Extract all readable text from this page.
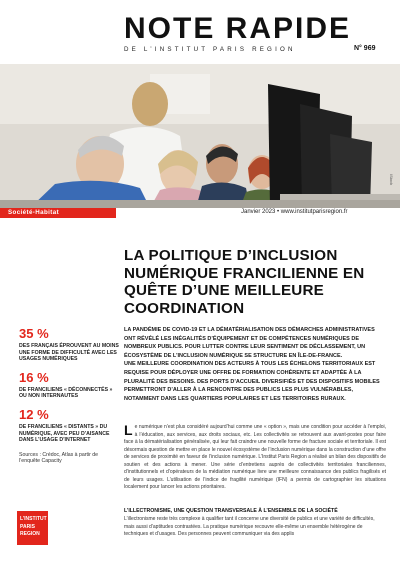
NOTE RAPIDE
DE L’INSTITUT PARIS REGION	N° 969
IStock
Société-Habitat	Janvier 2023 • www.institutparisregion.fr
LA POLITIQUE D’INCLUSION NUMÉRIQUE FRANCILIENNE EN QUÊTE D’UNE MEILLEURE COORDINATION

LA PANDÉMIE DE COVID-19 ET LA DÉMATÉRIALISATION DES DÉMARCHES ADMINISTRATIVES ONT RÉVÉLÉ LES INÉGALITÉS D’ÉQUIPEMENT ET DE COMPÉTENCES NUMÉRIQUES DE NOMBREUX PUBLICS. POUR LUTTER CONTRE LEUR SENTIMENT DE DÉCLASSEMENT, UN ÉCOSYSTÈME DE L’INCLUSION NUMÉRIQUE SE STRUCTURE EN ÎLE-DE-FRANCE.

UNE MEILLEURE COORDINATION DES ACTEURS À TOUS LES ÉCHELONS TERRITORIAUX EST REQUISE POUR DÉPLOYER UNE OFFRE DE FORMATION COHÉRENTE ET ADAPTÉE À LA PLURALITÉ DES BESOINS. DES PORTS D’ACCUEIL DIVERSIFIÉS ET DES DISPOSITIFS MOBILES PERMETTRONT D’ALLER À LA RENCONTRE DES PUBLICS LES PLUS VULNÉRABLES, NOTAMMENT DANS LES QUARTIERS POPULAIRES ET LES TERRITOIRES RURAUX.

Le numérique n’est plus considéré aujourd’hui comme une « option », mais une condition pour accéder à l’emploi, à l’éducation, aux services, aux droits sociaux, etc. Les collectivités se retrouvent aux avant-postes pour faire face à la dématérialisation généralisée, qui leur fait craindre une nouvelle forme de fracture sociale et territoriale. Il est désormais question de mettre en place le nouvel écosystème de l’inclusion numérique dans la construction d’une offre de services de proximité en faveur de l’inclusion numérique. L’Institut Paris Region a réalisé un bilan des dispositifs de soutien et des actions à mener. Une série d’entretiens auprès de collectivités territoriales franciliennes, d’institutionnels et d’opérateurs de la médiation numérique livre une meilleure connaissance des publics fragilisés et de leurs usages. L’utilisation de l’indice de fragilité numérique (IFN) a permis de cartographier les situations localement pour lancer les actions prioritaires.
L’ILLECTRONISME, UNE QUESTION TRANSVERSALE À L’ENSEMBLE DE LA SOCIÉTÉ
L’illectronisme reste très complexe à qualifier tant il concerne une diversité de publics et une variété de difficultés, mais aussi d’aptitudes contrastées. La pratique numérique recouvre elle-même un ensemble hétérogène de techniques et d’usages. Des personnes peuvent communiquer via des applis
35 %
DES FRANÇAIS ÉPROUVENT AU MOINS UNE FORME DE DIFFICULTÉ AVEC LES USAGES NUMÉRIQUES
16 %
DE FRANCILIENS « DÉCONNECTÉS » OU NON INTERNAUTES
12 %
DE FRANCILIENS « DISTANTS » DU NUMÉRIQUE, AVEC PEU D’AISANCE DANS L’USAGE D’INTERNET
Sources : Crédoc, Atlas à partir de l’enquête Capacity
L’INSTITUT
PARIS
REGION
